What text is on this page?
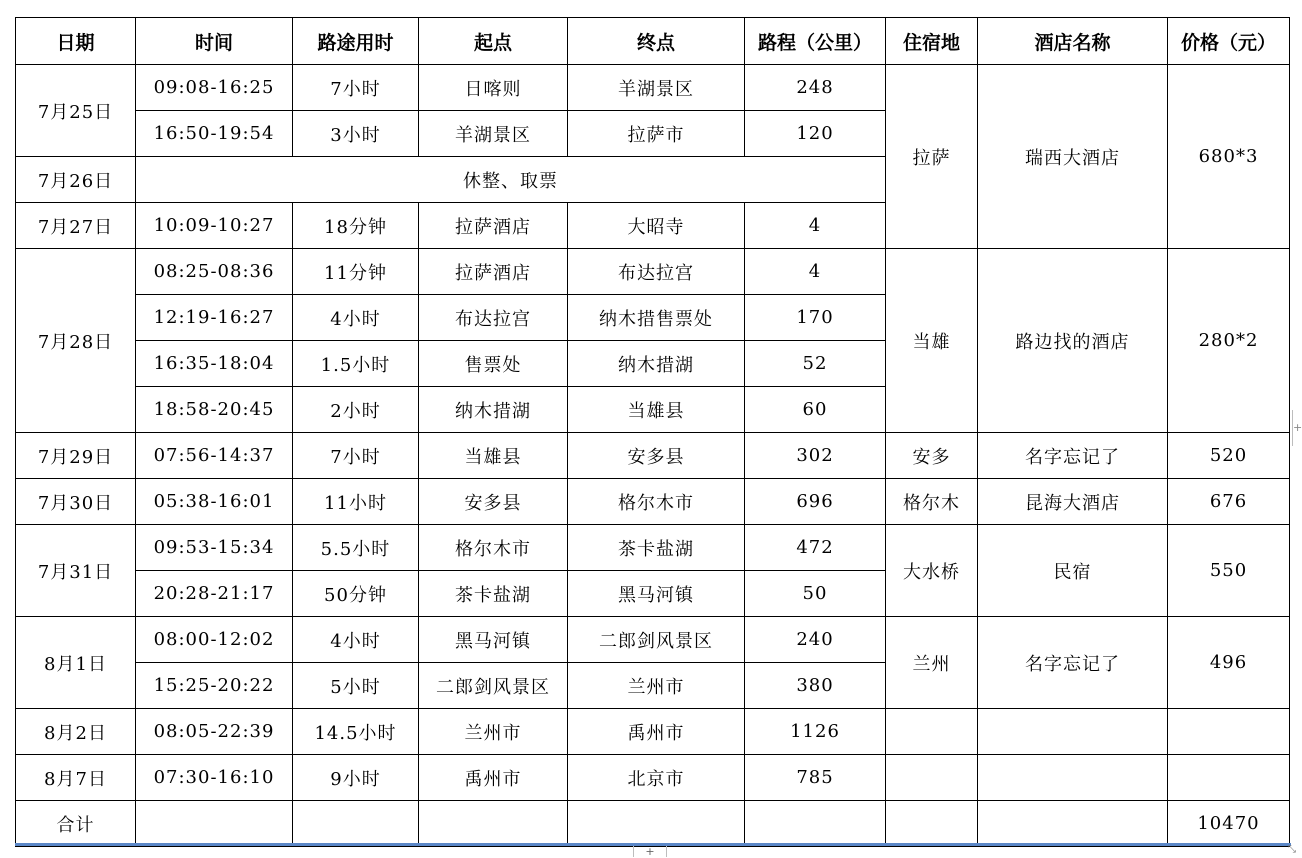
日期	时间	路途用时	起点	终点	路程（公里）	住宿地	酒店名称	价格（元）
7月25日	09:08-16:25	7小时	日喀则	羊湖景区	248	拉萨	瑞西大酒店	680*3
	16:50-19:54	3小时	羊湖景区	拉萨市	120			
7月26日	休整、取票							
7月27日	10:09-10:27	18分钟	拉萨酒店	大昭寺	4			
7月28日	08:25-08:36	11分钟	拉萨酒店	布达拉宫	4	当雄	路边找的酒店	280*2
	12:19-16:27	4小时	布达拉宫	纳木措售票处	170			
	16:35-18:04	1.5小时	售票处	纳木措湖	52			
	18:58-20:45	2小时	纳木措湖	当雄县	60			
7月29日	07:56-14:37	7小时	当雄县	安多县	302	安多	名字忘记了	520
7月30日	05:38-16:01	11小时	安多县	格尔木市	696	格尔木	昆海大酒店	676
7月31日	09:53-15:34	5.5小时	格尔木市	茶卡盐湖	472	大水桥	民宿	550
	20:28-21:17	50分钟	茶卡盐湖	黑马河镇	50			
8月1日	08:00-12:02	4小时	黑马河镇	二郎剑风景区	240	兰州	名字忘记了	496
	15:25-20:22	5小时	二郎剑风景区	兰州市	380			
8月2日	08:05-22:39	14.5小时	兰州市	禹州市	1126			
8月7日	07:30-16:10	9小时	禹州市	北京市	785			
合计								10470
+
+	⤡
